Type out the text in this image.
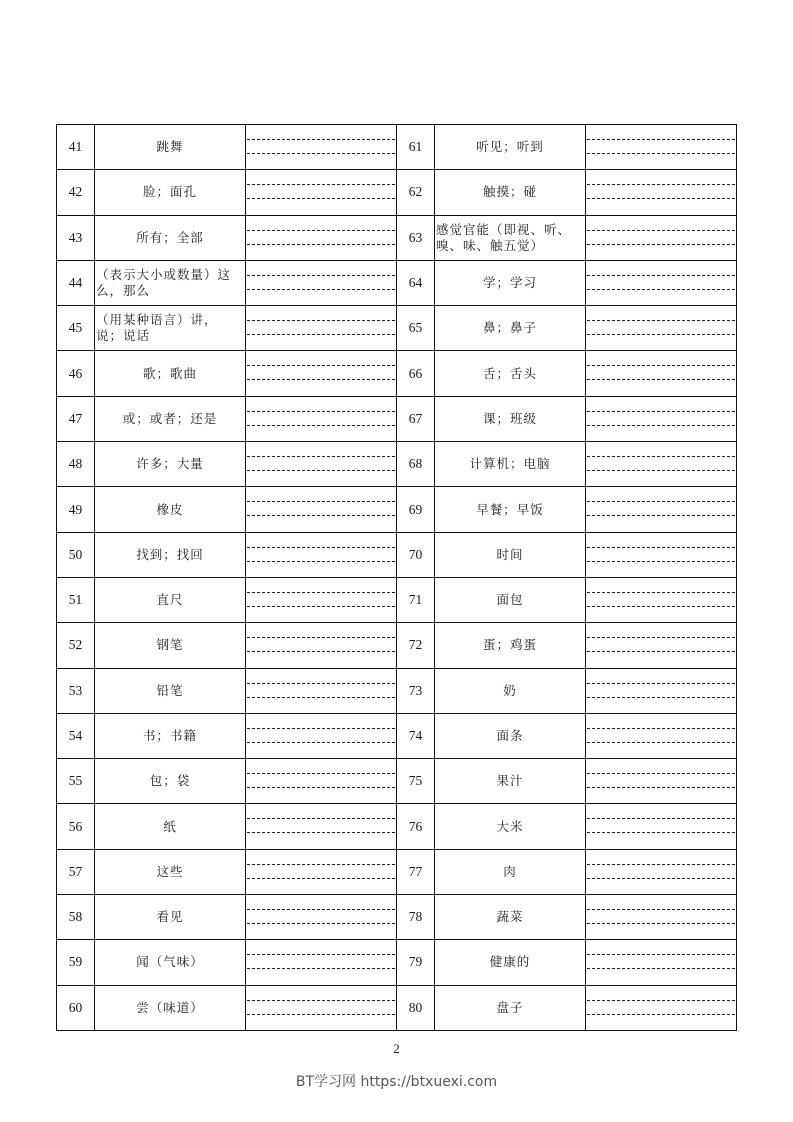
41	跳舞		61	听见；听到	

42	脸；面孔		62	触摸；碰	

43	所有；全部		63	感觉官能（即视、听、嗅、味、触五觉）	

44	（表示大小或数量）这么，那么		64	学；学习	

45	（用某种语言）讲，说；说话		65	鼻；鼻子	

46	歌；歌曲		66	舌；舌头	

47	或；或者；还是		67	课；班级	

48	许多；大量		68	计算机；电脑	

49	橡皮		69	早餐；早饭	

50	找到；找回		70	时间	

51	直尺		71	面包	

52	钢笔		72	蛋；鸡蛋	

53	铅笔		73	奶	

54	书；书籍		74	面条	

55	包；袋		75	果汁	

56	纸		76	大米	

57	这些		77	肉	

58	看见		78	蔬菜	

59	闻（气味）		79	健康的	

60	尝（味道）		80	盘子	
2
BT学习网 https://btxuexi.com
